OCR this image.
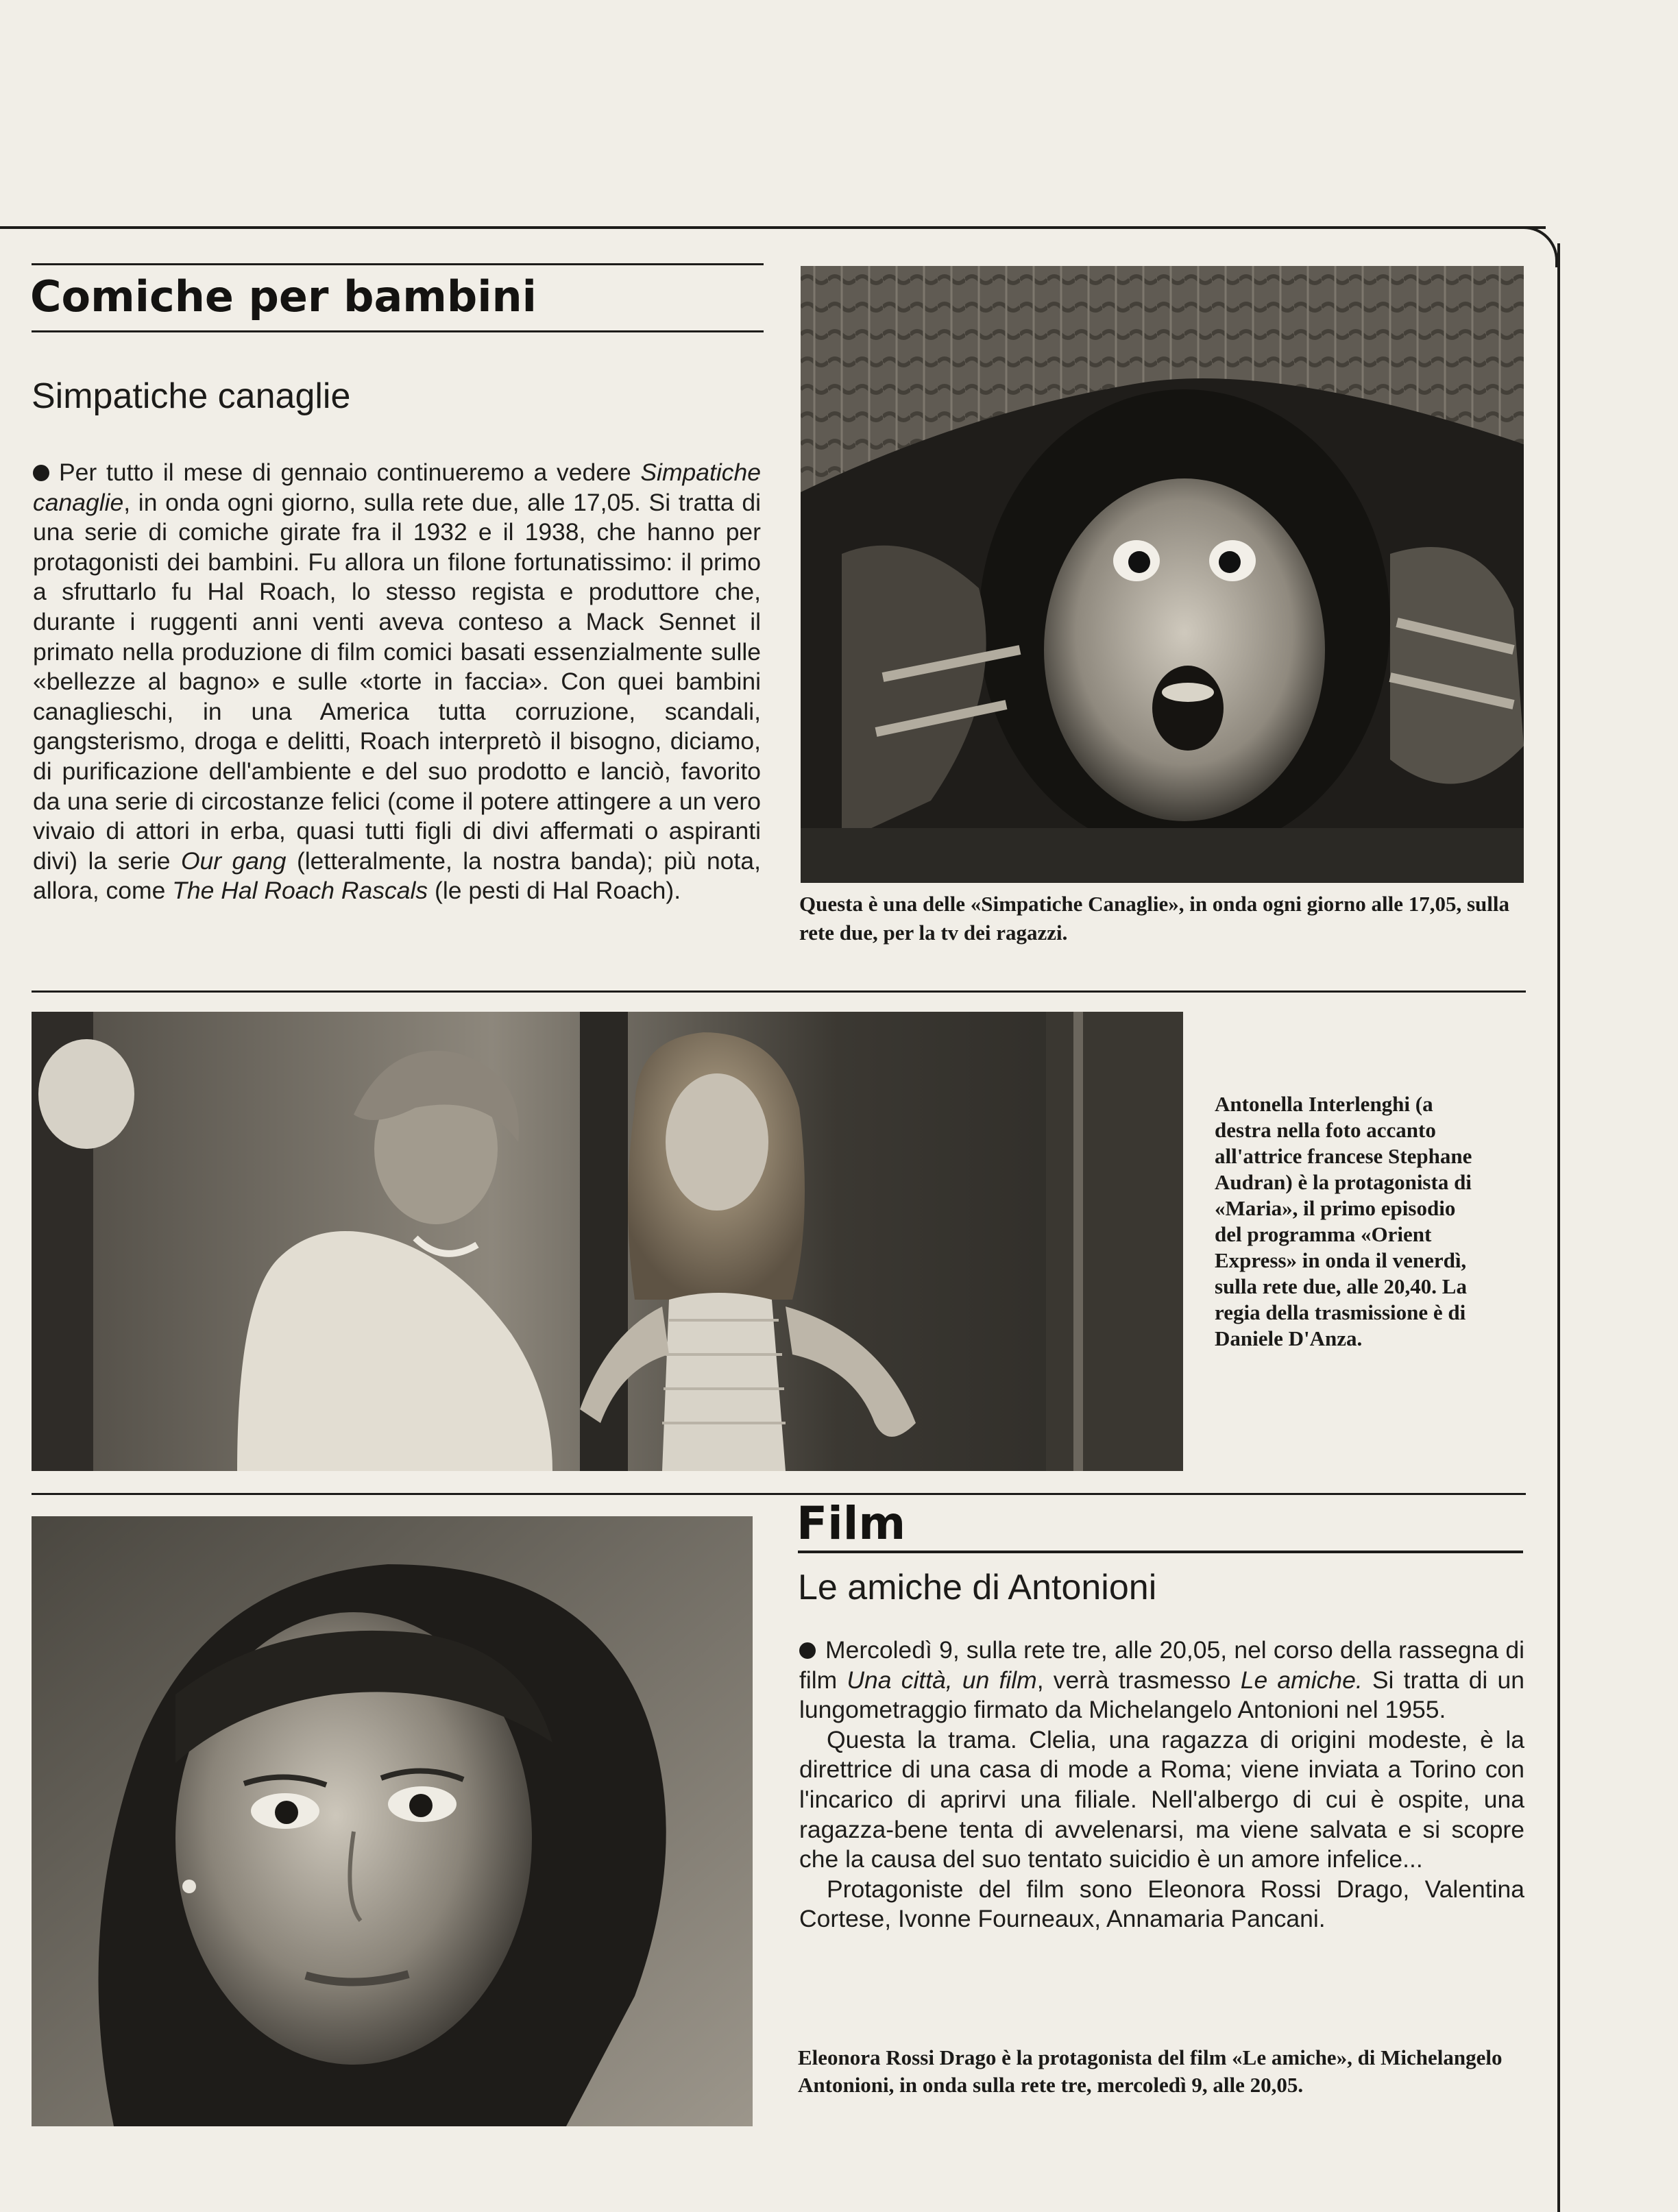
Comiche per bambini
Simpatiche canaglie

Per tutto il mese di gennaio continueremo a vedere Simpatiche canaglie, in onda ogni giorno, sulla rete due, alle 17,05. Si tratta di una serie di comiche girate fra il 1932 e il 1938, che hanno per protagonisti dei bambini. Fu allora un filone fortunatissimo: il primo a sfruttarlo fu Hal Roach, lo stesso regista e produttore che, durante i ruggenti anni venti aveva conteso a Mack Sennet il primato nella produzione di film comici basati essenzialmente sulle «bellezze al bagno» e sulle «torte in faccia». Con quei bambini canaglieschi, in una America tutta corruzione, scandali, gangsterismo, droga e delitti, Roach interpretò il bisogno, diciamo, di purificazione dell'ambiente e del suo prodotto e lanciò, favorito da una serie di circostanze felici (come il potere attingere a un vero vivaio di attori in erba, quasi tutti figli di divi affermati o aspiranti divi) la serie Our gang (letteralmente, la nostra banda); più nota, allora, come The Hal Roach Rascals (le pesti di Hal Roach).	Questa è una delle «Simpatiche Canaglie», in onda ogni giorno alle 17,05, sulla rete due, per la tv dei ragazzi.
Antonella Interlenghi (a destra nella foto accanto all'attrice francese Stephane Audran) è la protagonista di «Maria», il primo episodio del programma «Orient Express» in onda il venerdì, sulla rete due, alle 20,40. La regia della trasmissione è di Daniele D'Anza.
Film
Le amiche di Antonioni

Mercoledì 9, sulla rete tre, alle 20,05, nel corso della rassegna di film Una città, un film, verrà trasmesso Le amiche. Si tratta di un lungometraggio firmato da Michelangelo Antonioni nel 1955.

Questa la trama. Clelia, una ragazza di origini modeste, è la direttrice di una casa di mode a Roma; viene inviata a Torino con l'incarico di aprirvi una filiale. Nell'albergo di cui è ospite, una ragazza-bene tenta di avvelenarsi, ma viene salvata e si scopre che la causa del suo tentato suicidio è un amore infelice...

Protagoniste del film sono Eleonora Rossi Drago, Valentina Cortese, Ivonne Fourneaux, Annamaria Pancani.

Eleonora Rossi Drago è la protagonista del film «Le amiche», di Michelangelo Antonioni, in onda sulla rete tre, mercoledì 9, alle 20,05.
